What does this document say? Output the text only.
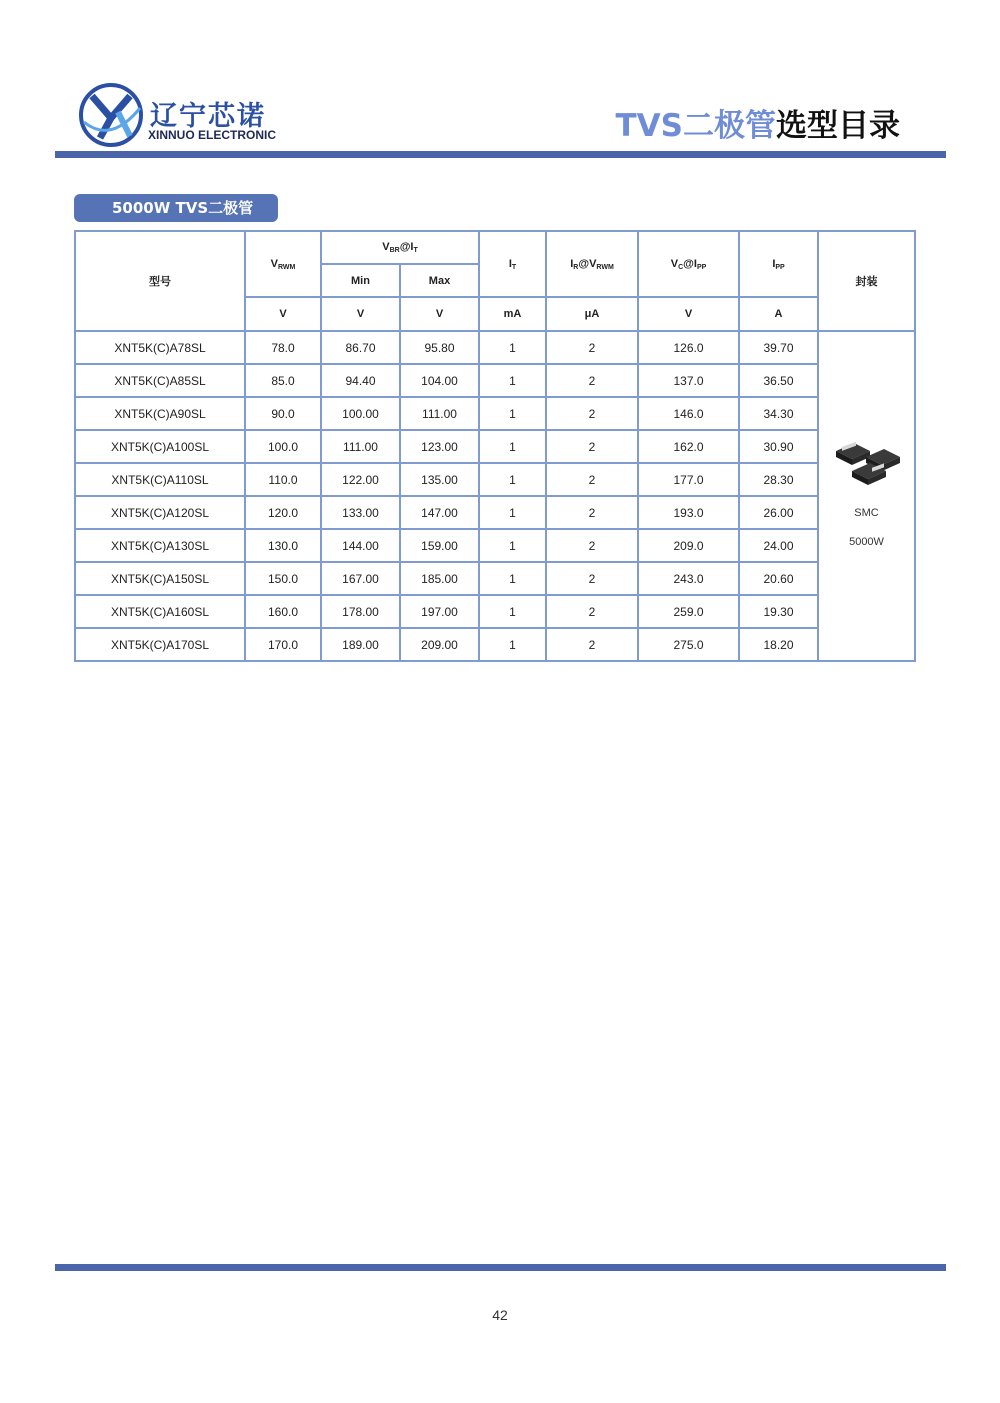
辽宁芯诺
XINNUO ELECTRONIC	TVS二极管选型目录
5000W TVS二极管
型号	$V_{RWM}$	$V_{BR}@I_T$		$I_T$	$I_R@V_{RWM}$	$V_C@I_{PP}$	$I_{PP}$	封装
		Min	Max					
	V	V	V	mA	μA	V	A	
XNT5K(C)A78SL	78.0	86.70	95.80	1	2	126.0	39.70	SMC
5000W

XNT5K(C)A85SL	85.0	94.40	104.00	1	2	137.0	36.50	
XNT5K(C)A90SL	90.0	100.00	111.00	1	2	146.0	34.30	
XNT5K(C)A100SL	100.0	111.00	123.00	1	2	162.0	30.90	
XNT5K(C)A110SL	110.0	122.00	135.00	1	2	177.0	28.30	
XNT5K(C)A120SL	120.0	133.00	147.00	1	2	193.0	26.00	
XNT5K(C)A130SL	130.0	144.00	159.00	1	2	209.0	24.00	
XNT5K(C)A150SL	150.0	167.00	185.00	1	2	243.0	20.60	
XNT5K(C)A160SL	160.0	178.00	197.00	1	2	259.0	19.30	
XNT5K(C)A170SL	170.0	189.00	209.00	1	2	275.0	18.20	
42
